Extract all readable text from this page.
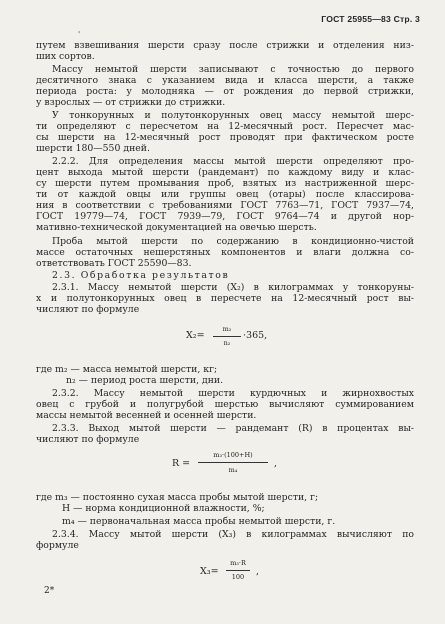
ГОСТ 25955—83 Стр. 3
'
путем взвешивания шерсти сразу после стрижки и отделения низ-
ших сортов.
Массу немытой шерсти записывают с точностью до первого
десятичного знака с указанием вида и класса шерсти, а также
периода роста: у молодняка — от рождения до первой стрижки,
у взрослых — от стрижки до стрижки.
У тонкорунных и полутонкорунных овец массу немытой шерс-
ти определяют с пересчетом на 12-месячный рост. Пересчет мас-
сы шерсти на 12-месячный рост проводят при фактическом росте
шерсти 180—550 дней.
2.2.2. Для определения массы мытой шерсти определяют про-
цент выхода мытой шерсти (рандемант) по каждому виду и клас-
су шерсти путем промывания проб, взятых из настриженной шерс-
ти от каждой овцы или группы овец (отары) после классирова-
ния в соответствии с требованиями ГОСТ 7763—71, ГОСТ 7937—74,
ГОСТ 19779—74, ГОСТ 7939—79, ГОСТ 9764—74 и другой нор-
мативно-технической документацией на овечью шерсть.
Проба мытой шерсти по содержанию в кондиционно-чистой
массе остаточных нешерстяных компонентов и влаги должна со-
ответствовать ГОСТ 25590—83.
2.3. Обработка результатов
2.3.1. Массу немытой шерсти (X₂) в килограммах у тонкоруны-
х и полутонкорунных овец в пересчете на 12-месячный рост вы-
числяют по формуле
X₂=
m₂
n₂
·365,
где m₂ — масса немытой шерсти, кг;
n₂ — период роста шерсти, дни.
2.3.2. Массу немытой шерсти курдючных и жирнохвостых
овец с грубой и полугрубой шерстью вычисляют суммированием
массы немытой весенней и осенней шерсти.
2.3.3. Выход мытой шерсти — рандемант (R) в процентах вы-
числяют по формуле
R =
m₃·(100+H)
m₄
,
где m₃ — постоянно сухая масса пробы мытой шерсти, г;
H — норма кондиционной влажности, %;
m₄ — первоначальная масса пробы немытой шерсти, г.
2.3.4. Массу мытой шерсти (X₃) в килограммах вычисляют по
формуле
X₃=
m₃·R
100	,
2*
